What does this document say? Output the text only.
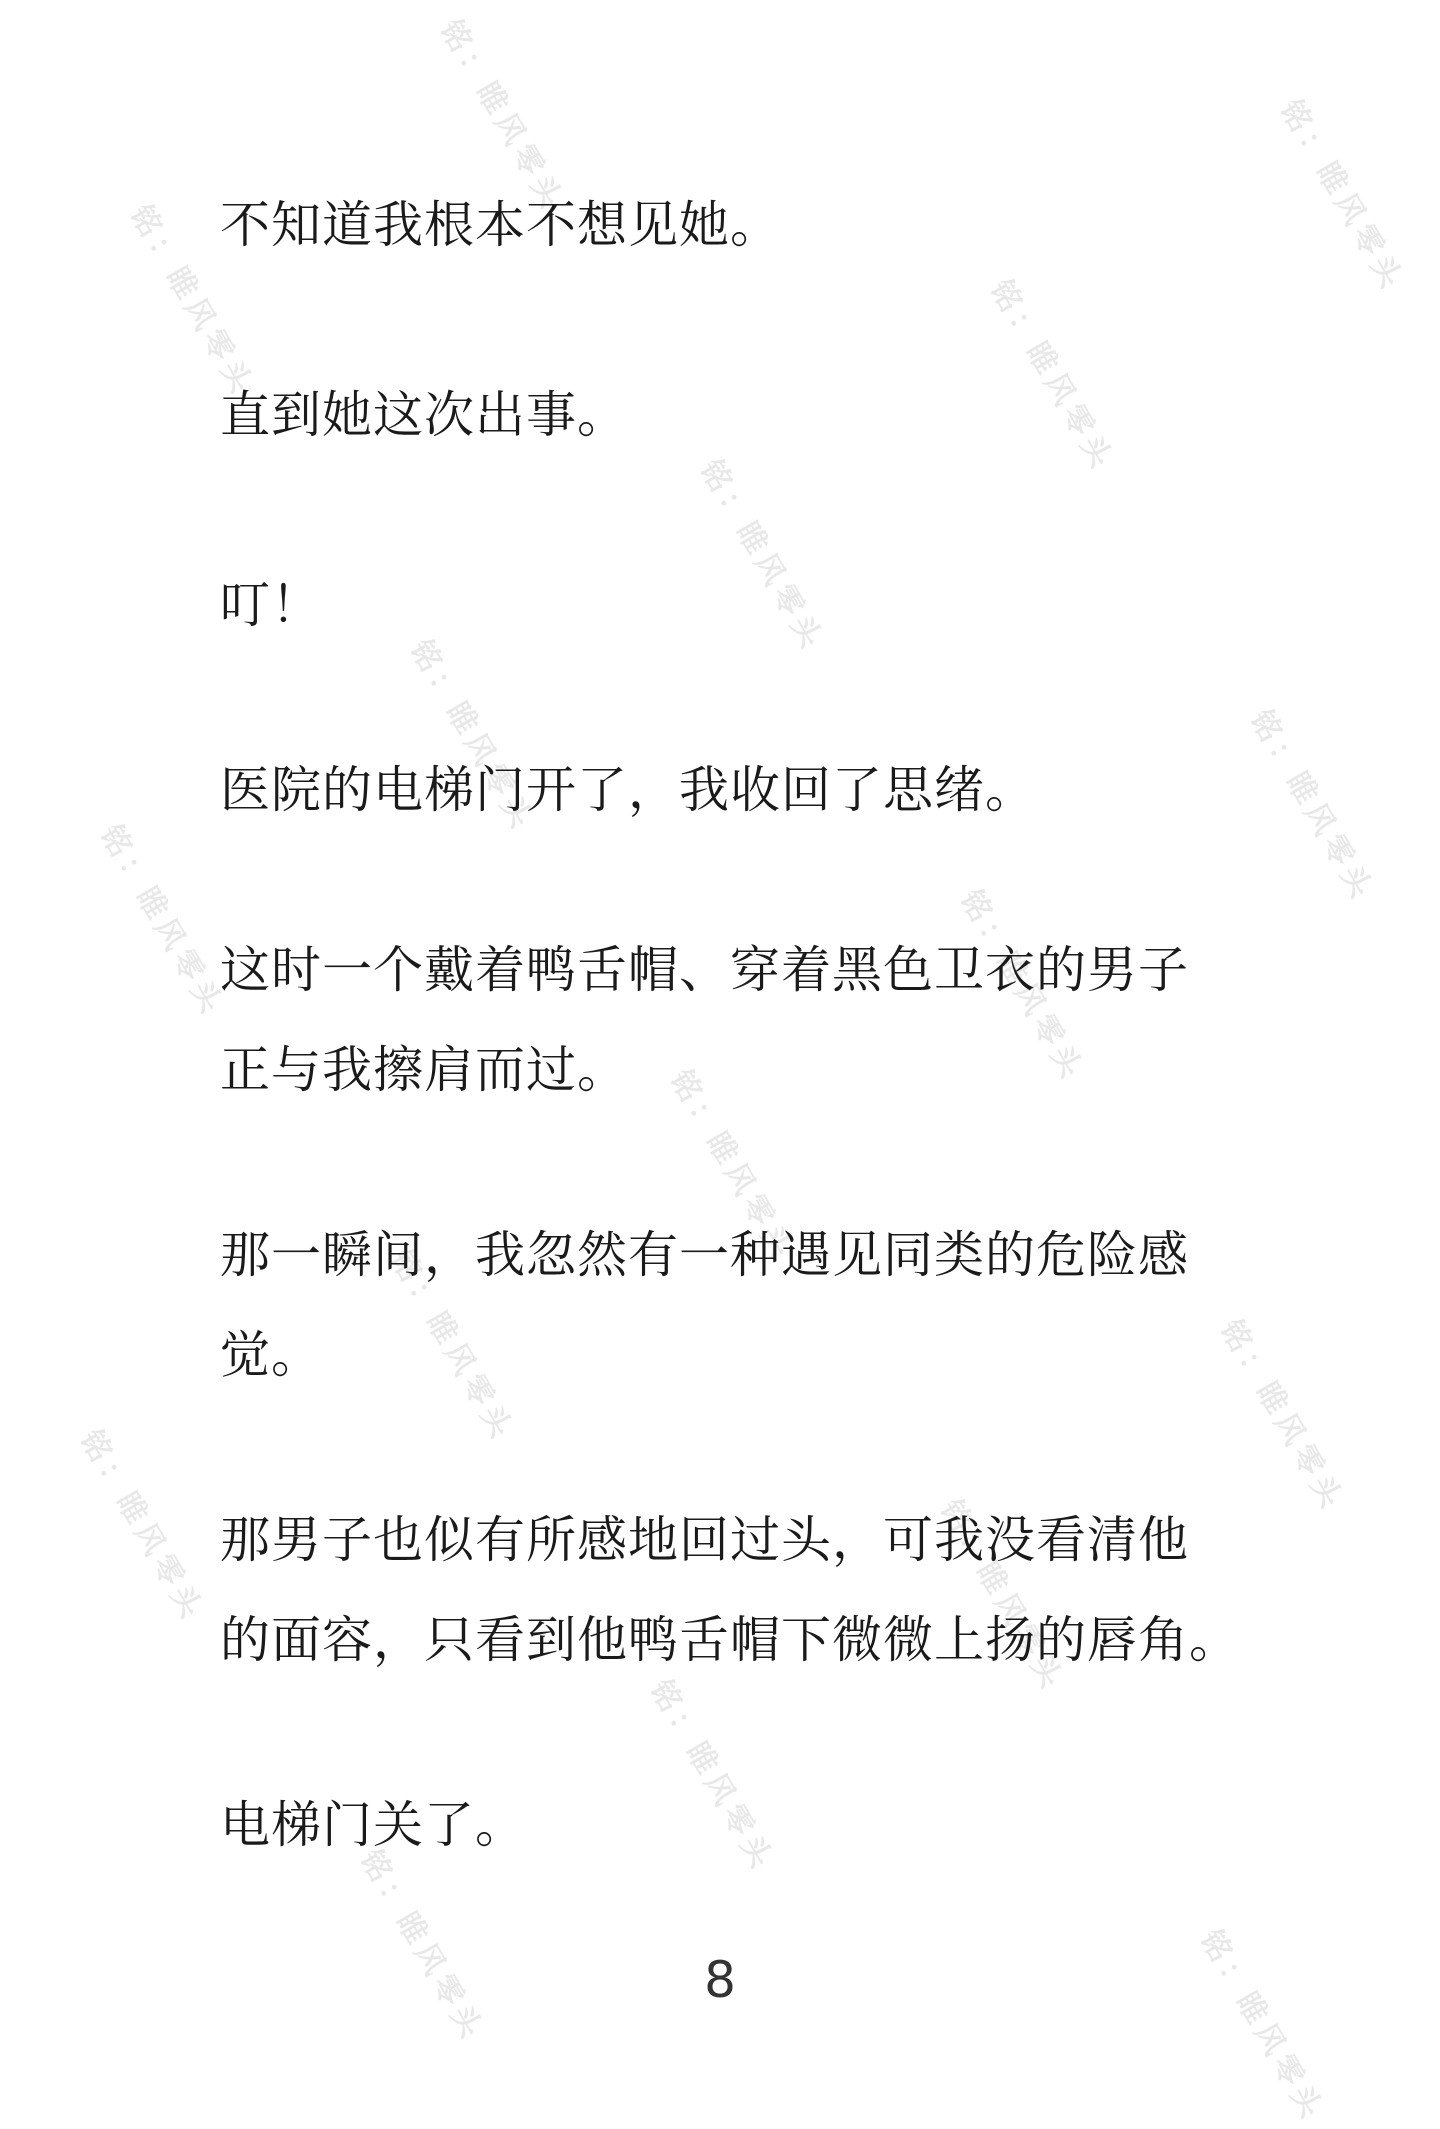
铭：睢风零头	铭：睢风零头
铭：睢风零头	铭：睢风零头
铭：睢风零头
铭：睢风零头	铭：睢风零头
铭：睢风零头	铭：睢风零头
铭：睢风零头
铭：睢风零头	铭：睢风零头
铭：睢风零头	铭：睢风零头
铭：睢风零头
铭：睢风零头	铭：睢风零头

不知道我根本不想见她。

直到她这次出事。

叮！

医院的电梯门开了，我收回了思绪。

这时一个戴着鸭舌帽、穿着黑色卫衣的男子
正与我擦肩而过。

那一瞬间，我忽然有一种遇见同类的危险感
觉。

那男子也似有所感地回过头，可我没看清他
的面容，只看到他鸭舌帽下微微上扬的唇角。

电梯门关了。

8
